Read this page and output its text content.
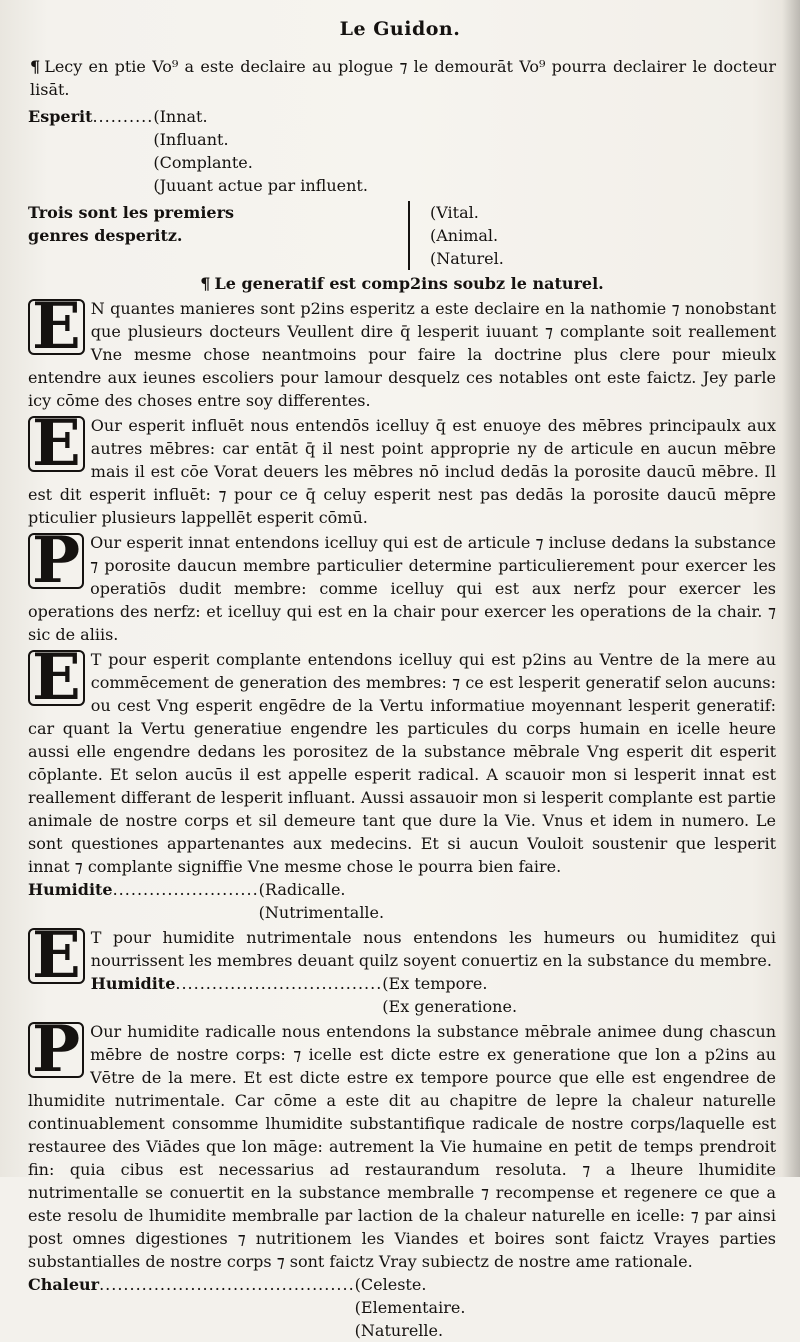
Le Guidon.

¶ Lecy en ptie Vo⁹ a este declaire au plogue ⁊ le demourāt Vo⁹ pourra declairer le docteur lisāt.

Esperit .......... (Innat.
(Influant.
(Complante.
(Juuant actue par influent.
Trois sont les premiers
genres desperitz.
(Vital.
(Animal.
(Naturel.

¶ Le generatif est comp2ins soubz le naturel.

E N quantes manieres sont p2ins esperitz a este declaire en la nathomie ⁊ nonobstant que plusieurs docteurs Veullent dire q̄ lesperit iuuant ⁊ complante soit reallement Vne mesme chose neantmoins pour faire la doctrine plus clere pour mieulx entendre aux ieunes escoliers pour lamour desquelz ces notables ont este faictz. Jey parle icy cōme des choses entre soy differentes.

E Our esperit influēt nous entendōs icelluy q̄ est enuoye des mēbres principaulx aux autres mēbres: car entāt q̄ il nest point approprie ny de articule en aucun mēbre mais il est cōe Vorat deuers les mēbres nō includ dedās la porosite daucū mēbre. Il est dit esperit influēt: ⁊ pour ce q̄ celuy esperit nest pas dedās la porosite daucū mēpre pticulier plusieurs lappellēt esperit cōmū.

P Our esperit innat entendons icelluy qui est de articule ⁊ incluse dedans la substance ⁊ porosite daucun membre particulier determine particulierement pour exercer les operatiōs dudit membre: comme icelluy qui est aux nerfz pour exercer les operations des nerfz: et icelluy qui est en la chair pour exercer les operations de la chair. ⁊ sic de aliis.

E T pour esperit complante entendons icelluy qui est p2ins au Ventre de la mere au commēcement de generation des membres: ⁊ ce est lesperit generatif selon aucuns: ou cest Vng esperit engēdre de la Vertu informatiue moyennant lesperit generatif: car quant la Vertu generatiue engendre les particules du corps humain en icelle heure aussi elle engendre dedans les porositez de la substance mēbrale Vng esperit dit esperit cōplante. Et selon aucūs il est appelle esperit radical. A scauoir mon si lesperit innat est reallement differant de lesperit influant. Aussi assauoir mon si lesperit complante est partie animale de nostre corps et sil demeure tant que dure la Vie. Vnus et idem in numero. Le sont questiones appartenantes aux medecins. Et si aucun Vouloit soustenir que lesperit innat ⁊ complante signiffie Vne mesme chose le pourra bien faire.

Humidite ........................ (Radicalle.
(Nutrimentalle.

E T pour humidite nutrimentale nous entendons les humeurs ou humiditez qui nourrissent les membres deuant quilz soyent conuertiz en la substance du membre.

Humidite .................................. (Ex tempore.
(Ex generatione.

P Our humidite radicalle nous entendons la substance mēbrale animee dung chascun mēbre de nostre corps: ⁊ icelle est dicte estre ex generatione que lon a p2ins au Vētre de la mere. Et est dicte estre ex tempore pource que elle est engendree de lhumidite nutrimentale. Car cōme a este dit au chapitre de lepre la chaleur naturelle continuablement consomme lhumidite substantifique radicale de nostre corps/laquelle est restauree des Viādes que lon māge: autrement la Vie humaine en petit de temps prendroit fin: quia cibus est necessarius ad restaurandum resoluta. ⁊ a lheure lhumidite nutrimentalle se conuertit en la substance membralle ⁊ recompense et regenere ce que a este resolu de lhumidite membralle par laction de la chaleur naturelle en icelle: ⁊ par ainsi post omnes digestiones ⁊ nutritionem les Viandes et boires sont faictz Vrayes parties substantialles de nostre corps ⁊ sont faictz Vray subiectz de nostre ame rationale.

Chaleur .......................................... (Celeste.
(Elementaire.
(Naturelle.
